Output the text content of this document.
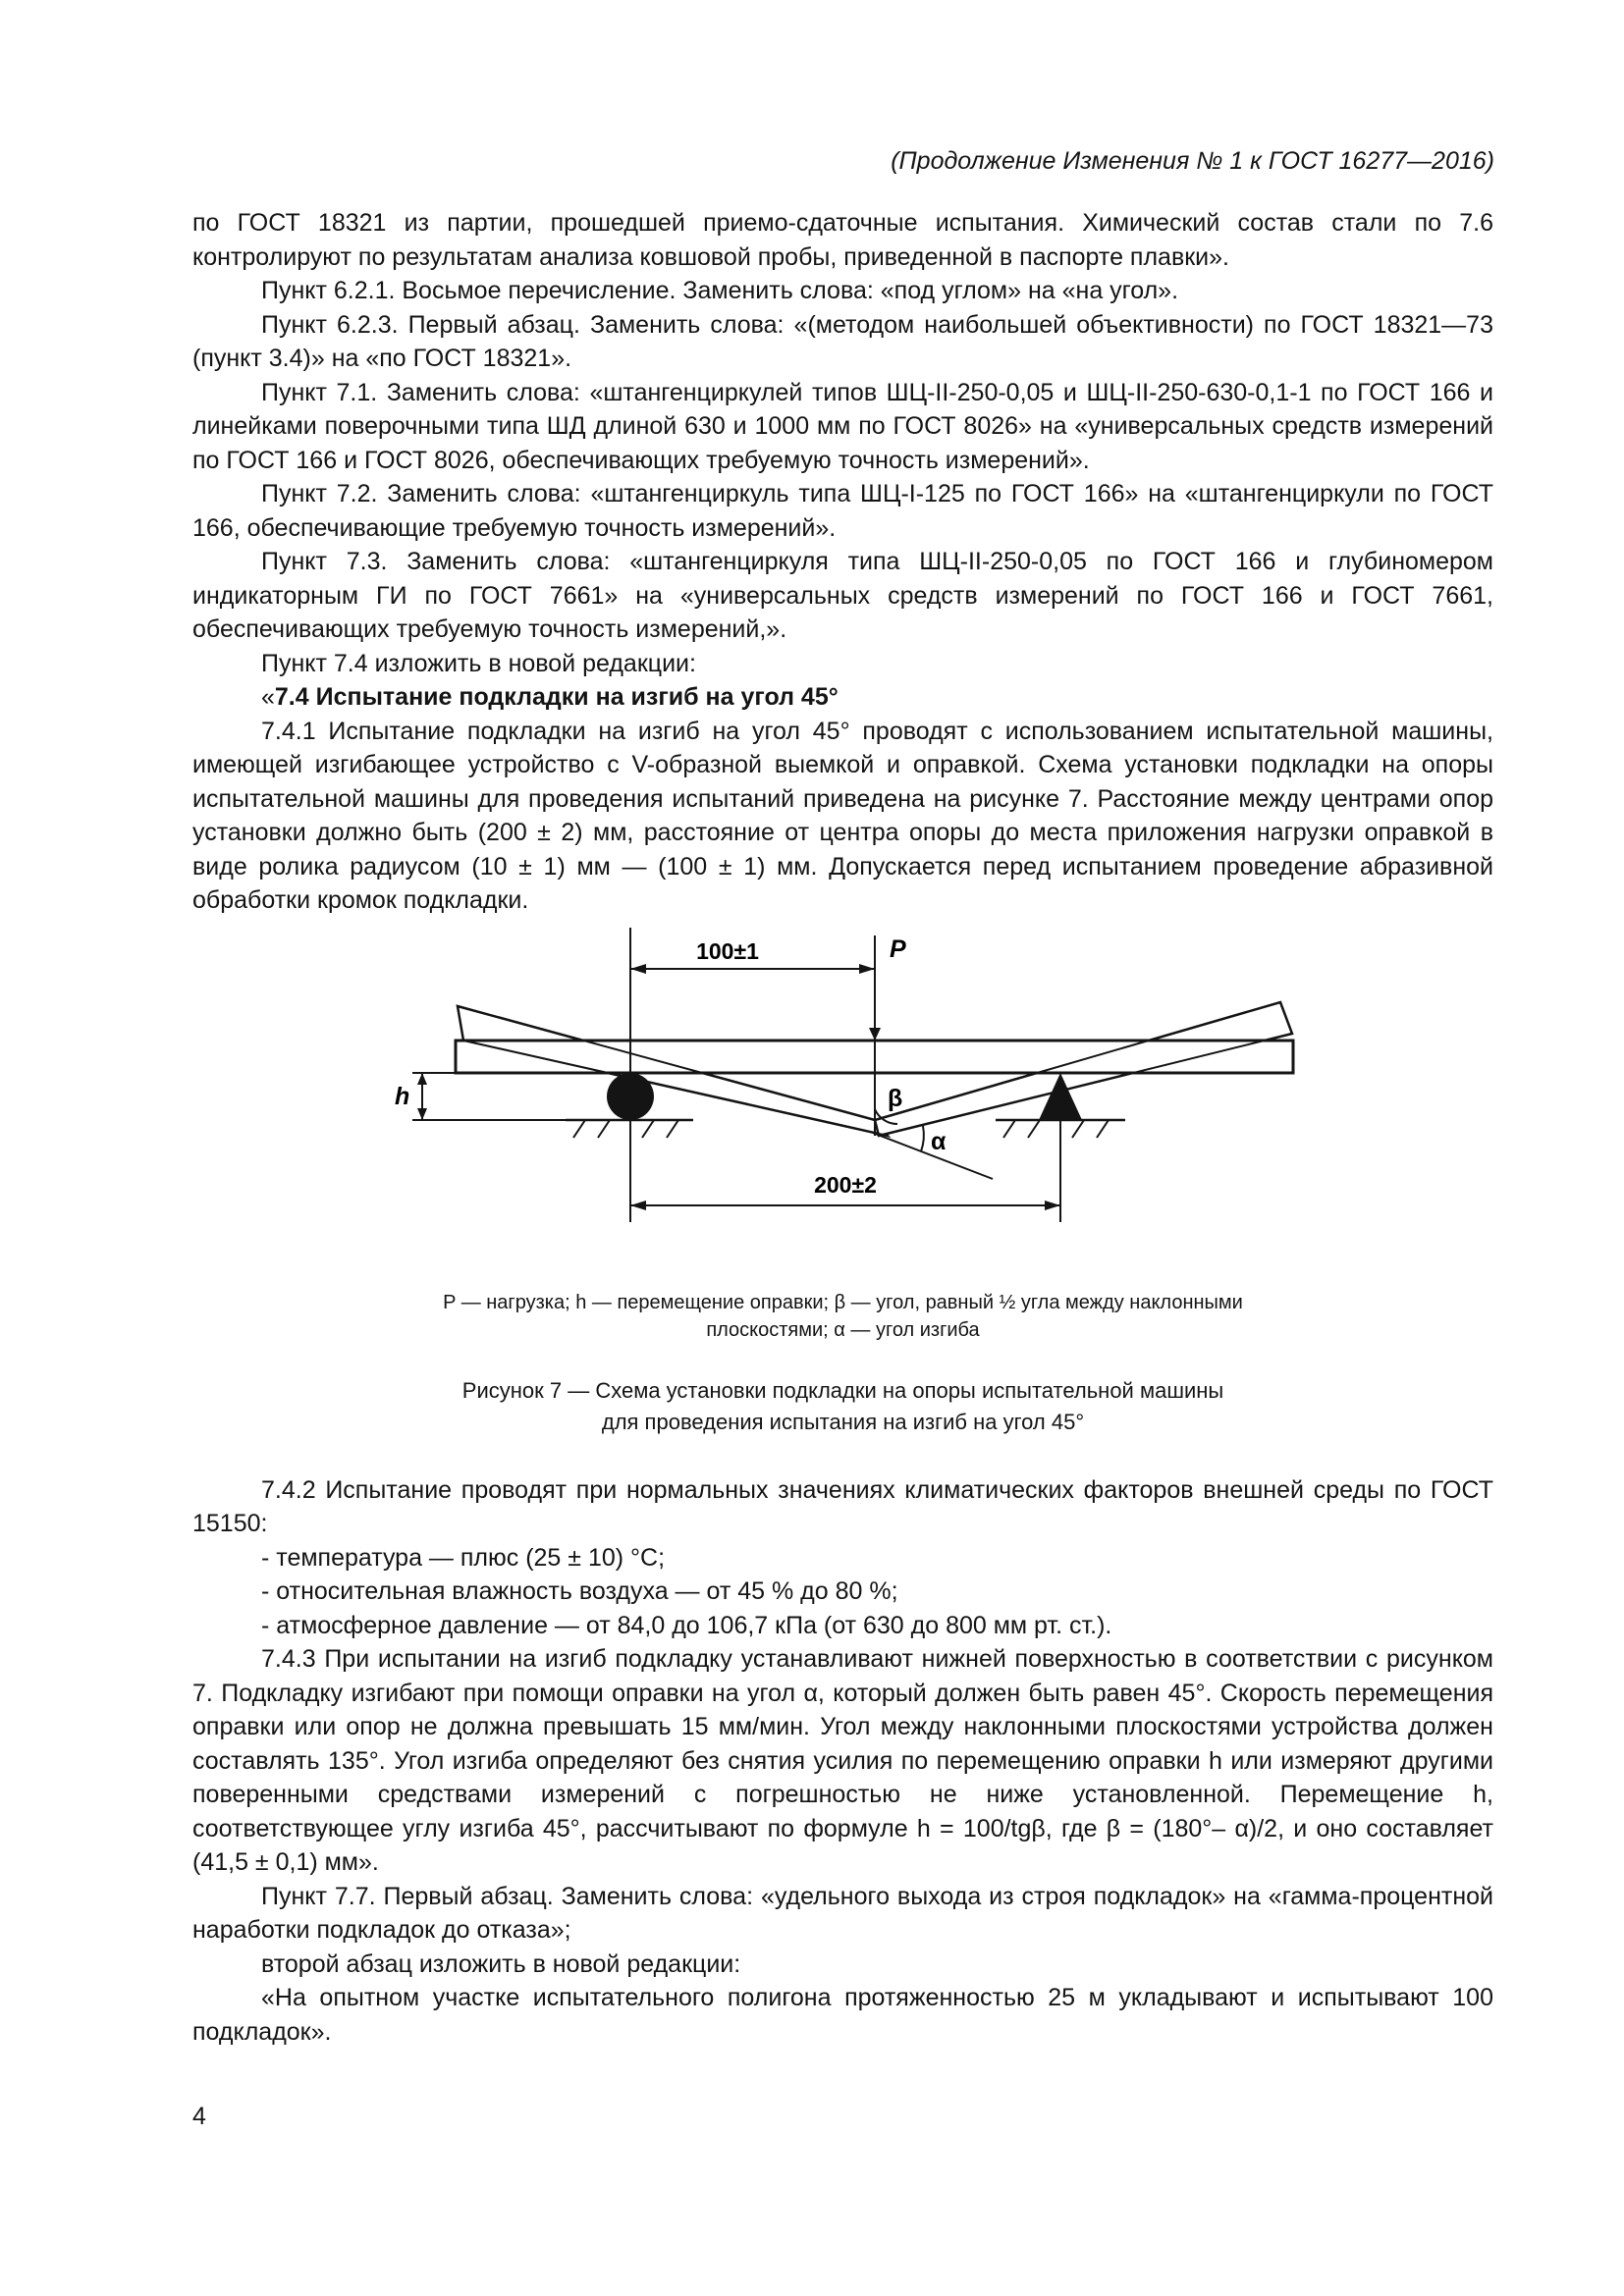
(Продолжение Изменения № 1 к ГОСТ 16277—2016)

по ГОСТ 18321 из партии, прошедшей приемо-сдаточные испытания. Химический состав стали по 7.6 контролируют по результатам анализа ковшовой пробы, приведенной в паспорте плавки».

Пункт 6.2.1. Восьмое перечисление. Заменить слова: «под углом» на «на угол».

Пункт 6.2.3. Первый абзац. Заменить слова: «(методом наибольшей объективности) по ГОСТ 18321—73 (пункт 3.4)» на «по ГОСТ 18321».

Пункт 7.1. Заменить слова: «штангенциркулей типов ШЦ-II-250-0,05 и ШЦ-II-250-630-0,1-1 по ГОСТ 166 и линейками поверочными типа ШД длиной 630 и 1000 мм по ГОСТ 8026» на «универсальных средств измерений по ГОСТ 166 и ГОСТ 8026, обеспечивающих требуемую точность измерений».

Пункт 7.2. Заменить слова: «штангенциркуль типа ШЦ-I-125 по ГОСТ 166» на «штангенциркули по ГОСТ 166, обеспечивающие требуемую точность измерений».

Пункт 7.3. Заменить слова: «штангенциркуля типа ШЦ-II-250-0,05 по ГОСТ 166 и глубиномером индикаторным ГИ по ГОСТ 7661» на «универсальных средств измерений по ГОСТ 166 и ГОСТ 7661, обеспечивающих требуемую точность измерений,».

Пункт 7.4 изложить в новой редакции:

«7.4 Испытание подкладки на изгиб на угол 45°

7.4.1 Испытание подкладки на изгиб на угол 45° проводят с использованием испытательной машины, имеющей изгибающее устройство с V-образной выемкой и оправкой. Схема установки подкладки на опоры испытательной машины для проведения испытаний приведена на рисунке 7. Расстояние между центрами опор установки должно быть (200 ± 2) мм, расстояние от центра опоры до места приложения нагрузки оправкой в виде ролика радиусом (10 ± 1) мм — (100 ± 1) мм. Допускается перед испытанием проведение абразивной обработки кромок подкладки.

100±1
200±2
P
h	β
α
P — нагрузка; h — перемещение оправки; β — угол, равный ½ угла между наклонными
плоскостями; α — угол изгиба
Рисунок 7 — Схема установки подкладки на опоры испытательной машины
для проведения испытания на изгиб на угол 45°

7.4.2 Испытание проводят при нормальных значениях климатических факторов внешней среды по ГОСТ 15150:

- температура — плюс (25 ± 10) °С;

- относительная влажность воздуха — от 45 % до 80 %;

- атмосферное давление — от 84,0 до 106,7 кПа (от 630 до 800 мм рт. ст.).

7.4.3 При испытании на изгиб подкладку устанавливают нижней поверхностью в соответствии с рисунком 7. Подкладку изгибают при помощи оправки на угол α, который должен быть равен 45°. Скорость перемещения оправки или опор не должна превышать 15 мм/мин. Угол между наклонными плоскостями устройства должен составлять 135°. Угол изгиба определяют без снятия усилия по перемещению оправки h или измеряют другими поверенными средствами измерений с погрешностью не ниже установленной. Перемещение h, соответствующее углу изгиба 45°, рассчитывают по формуле h = 100/tgβ, где β = (180°– α)/2, и оно составляет (41,5 ± 0,1) мм».

Пункт 7.7. Первый абзац. Заменить слова: «удельного выхода из строя подкладок» на «гамма-процентной наработки подкладок до отказа»;

второй абзац изложить в новой редакции:

«На опытном участке испытательного полигона протяженностью 25 м укладывают и испытывают 100 подкладок».

4
